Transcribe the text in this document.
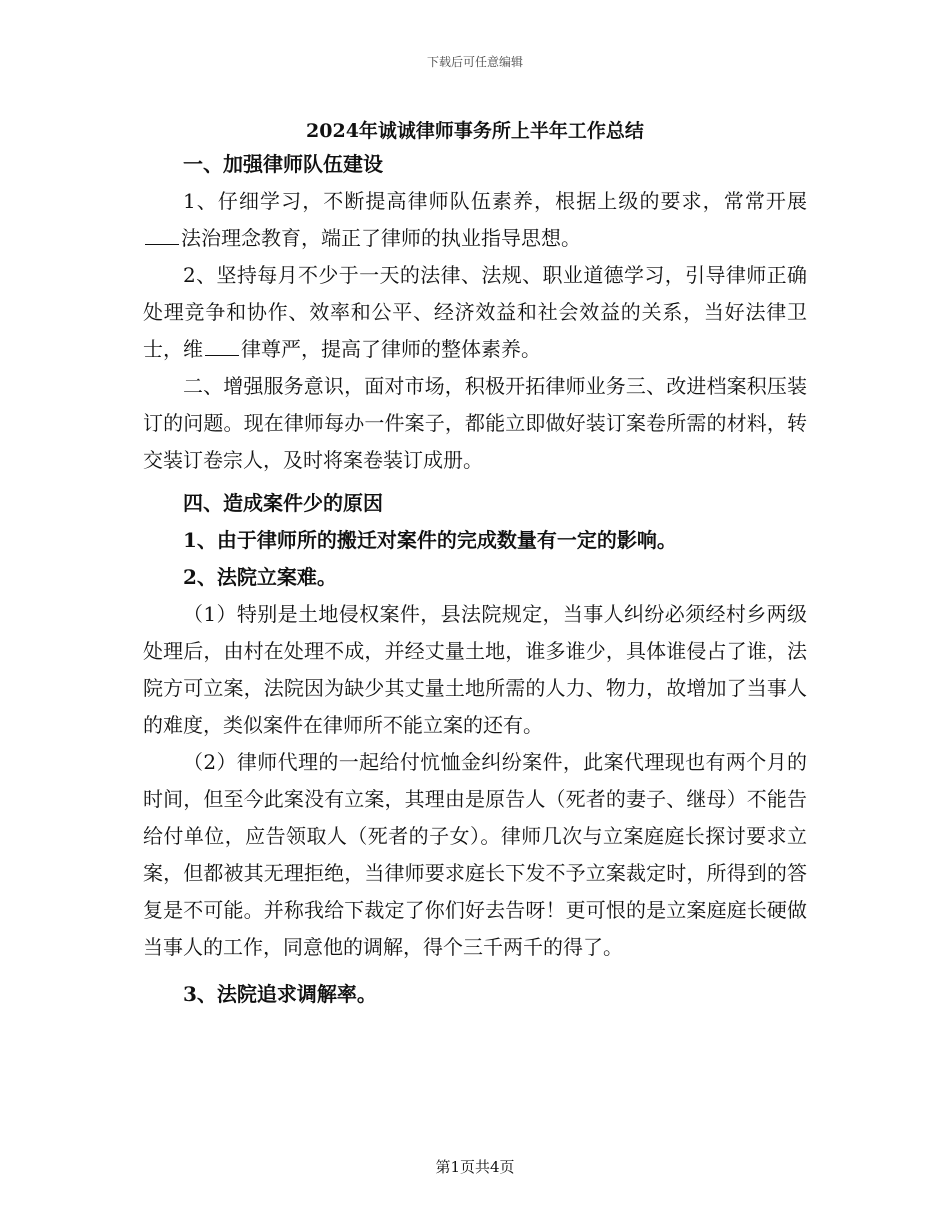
下载后可任意编辑
2024年诚诚律师事务所上半年工作总结

一、加强律师队伍建设

1、仔细学习，不断提高律师队伍素养，根据上级的要求，常常开展法治理念教育，端正了律师的执业指导思想。

2、坚持每月不少于一天的法律、法规、职业道德学习，引导律师正确处理竞争和协作、效率和公平、经济效益和社会效益的关系，当好法律卫士，维 律尊严，提高了律师的整体素养。

二、增强服务意识，面对市场，积极开拓律师业务三、改进档案积压装订的问题。现在律师每办一件案子，都能立即做好装订案卷所需的材料，转交装订卷宗人，及时将案卷装订成册。

四、造成案件少的原因

1、由于律师所的搬迁对案件的完成数量有一定的影响。

2、法院立案难。

（1）特别是土地侵权案件，县法院规定，当事人纠纷必须经村乡两级处理后，由村在处理不成，并经丈量土地，谁多谁少，具体谁侵占了谁，法院方可立案，法院因为缺少其丈量土地所需的人力、物力，故增加了当事人的难度，类似案件在律师所不能立案的还有。

（2）律师代理的一起给付忼恤金纠纷案件，此案代理现也有两个月的时间，但至今此案没有立案，其理由是原告人（死者的妻子、继母）不能告给付单位，应告领取人（死者的子女）。律师几次与立案庭庭长探讨要求立案，但都被其无理拒绝，当律师要求庭长下发不予立案裁定时，所得到的答复是不可能。并称我给下裁定了你们好去告呀！更可恨的是立案庭庭长硬做当事人的工作，同意他的调解，得个三千两千的得了。

3、法院追求调解率。

第1页共4页
